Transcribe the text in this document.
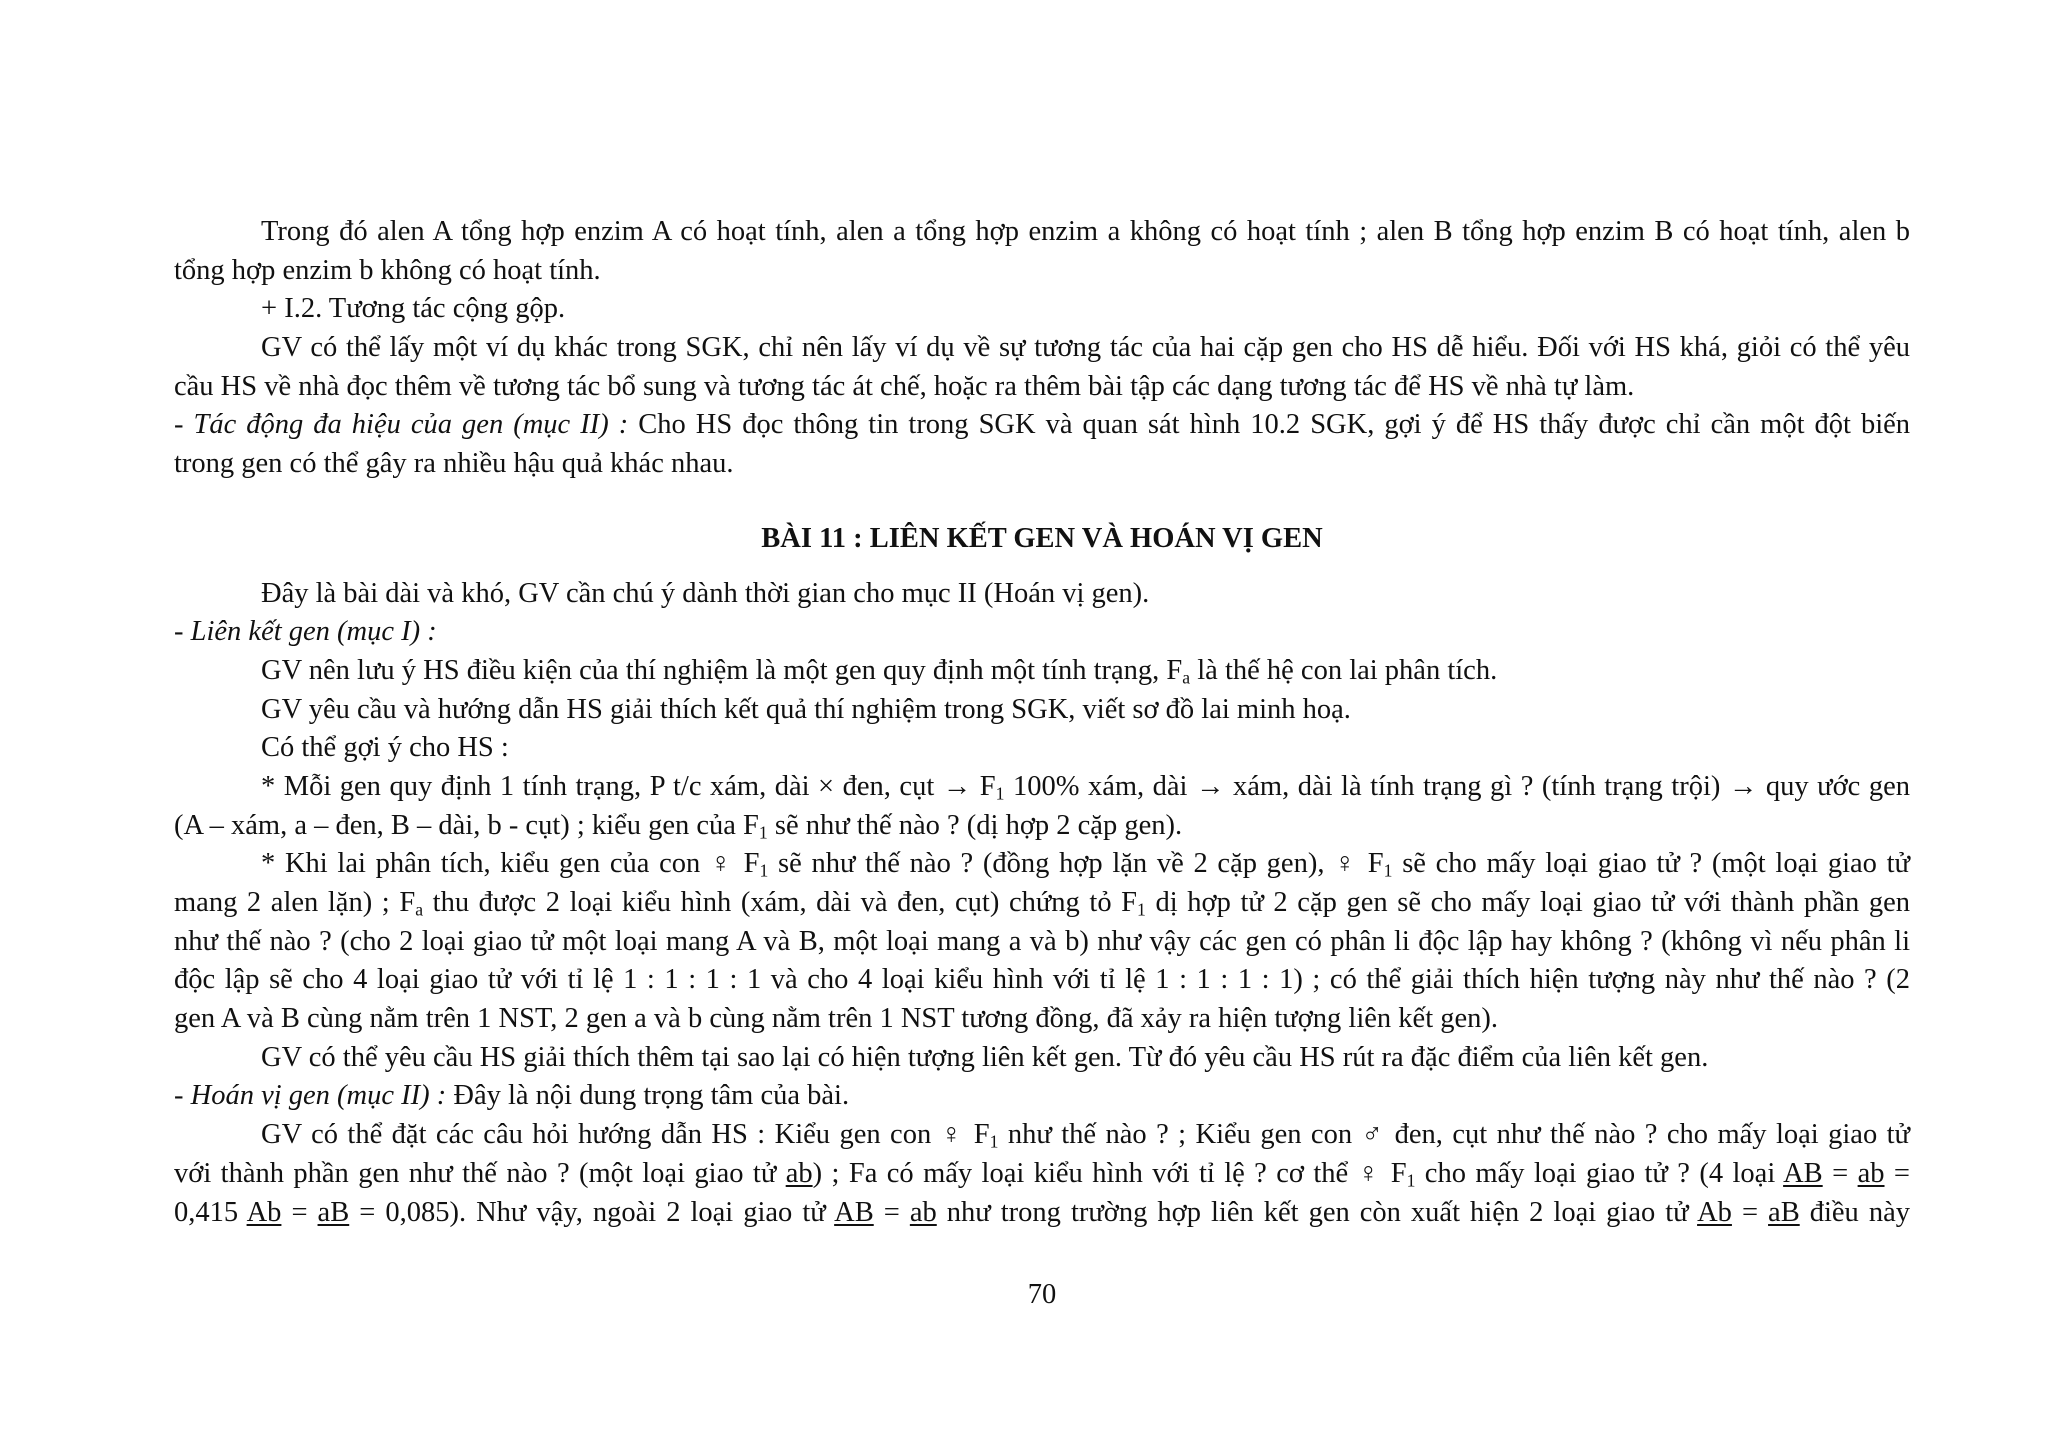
Trong đó alen A tổng hợp enzim A có hoạt tính, alen a tổng hợp enzim a không có hoạt tính ; alen B tổng hợp enzim B có hoạt tính, alen b
tổng hợp enzim b không có hoạt tính.
+ I.2. Tương tác cộng gộp.
GV có thể lấy một ví dụ khác trong SGK, chỉ nên lấy ví dụ về sự tương tác của hai cặp gen cho HS dễ hiểu. Đối với HS khá, giỏi có thể yêu
cầu HS về nhà đọc thêm về tương tác bổ sung và tương tác át chế, hoặc ra thêm bài tập các dạng tương tác để HS về nhà tự làm.
- Tác động đa hiệu của gen (mục II) : Cho HS đọc thông tin trong SGK và quan sát hình 10.2 SGK, gợi ý để HS thấy được chỉ cần một đột biến
trong gen có thể gây ra nhiều hậu quả khác nhau.
BÀI 11 : LIÊN KẾT GEN VÀ HOÁN VỊ GEN
Đây là bài dài và khó, GV cần chú ý dành thời gian cho mục II (Hoán vị gen).
- Liên kết gen (mục I) :
GV nên lưu ý HS điều kiện của thí nghiệm là một gen quy định một tính trạng, $F_a$ là thế hệ con lai phân tích.
GV yêu cầu và hướng dẫn HS giải thích kết quả thí nghiệm trong SGK, viết sơ đồ lai minh hoạ.
Có thể gợi ý cho HS :
* Mỗi gen quy định 1 tính trạng, P t/c xám, dài × đen, cụt → $F_1$ 100% xám, dài → xám, dài là tính trạng gì ? (tính trạng trội) → quy ước gen
(A – xám, a – đen, B – dài, b - cụt) ; kiểu gen của $F_1$ sẽ như thế nào ? (dị hợp 2 cặp gen).
* Khi lai phân tích, kiểu gen của con ♀ $F_1$ sẽ như thế nào ? (đồng hợp lặn về 2 cặp gen), ♀ $F_1$ sẽ cho mấy loại giao tử ? (một loại giao tử
mang 2 alen lặn) ; $F_a$ thu được 2 loại kiểu hình (xám, dài và đen, cụt) chứng tỏ $F_1$ dị hợp tử 2 cặp gen sẽ cho mấy loại giao tử với thành phần gen
như thế nào ? (cho 2 loại giao tử một loại mang A và B, một loại mang a và b) như vậy các gen có phân li độc lập hay không ? (không vì nếu phân li
độc lập sẽ cho 4 loại giao tử với tỉ lệ 1 : 1 : 1 : 1 và cho 4 loại kiểu hình với tỉ lệ 1 : 1 : 1 : 1) ; có thể giải thích hiện tượng này như thế nào ? (2
gen A và B cùng nằm trên 1 NST, 2 gen a và b cùng nằm trên 1 NST tương đồng, đã xảy ra hiện tượng liên kết gen).
GV có thể yêu cầu HS giải thích thêm tại sao lại có hiện tượng liên kết gen. Từ đó yêu cầu HS rút ra đặc điểm của liên kết gen.
- Hoán vị gen (mục II) : Đây là nội dung trọng tâm của bài.
GV có thể đặt các câu hỏi hướng dẫn HS : Kiểu gen con ♀ $F_1$ như thế nào ? ; Kiểu gen con ♂ đen, cụt như thế nào ? cho mấy loại giao tử
với thành phần gen như thế nào ? (một loại giao tử ab) ; Fa có mấy loại kiểu hình với tỉ lệ ? cơ thể ♀ $F_1$ cho mấy loại giao tử ? (4 loại AB = ab =
0,415 Ab = aB = 0,085). Như vậy, ngoài 2 loại giao tử AB = ab như trong trường hợp liên kết gen còn xuất hiện 2 loại giao tử Ab = aB điều này
70
